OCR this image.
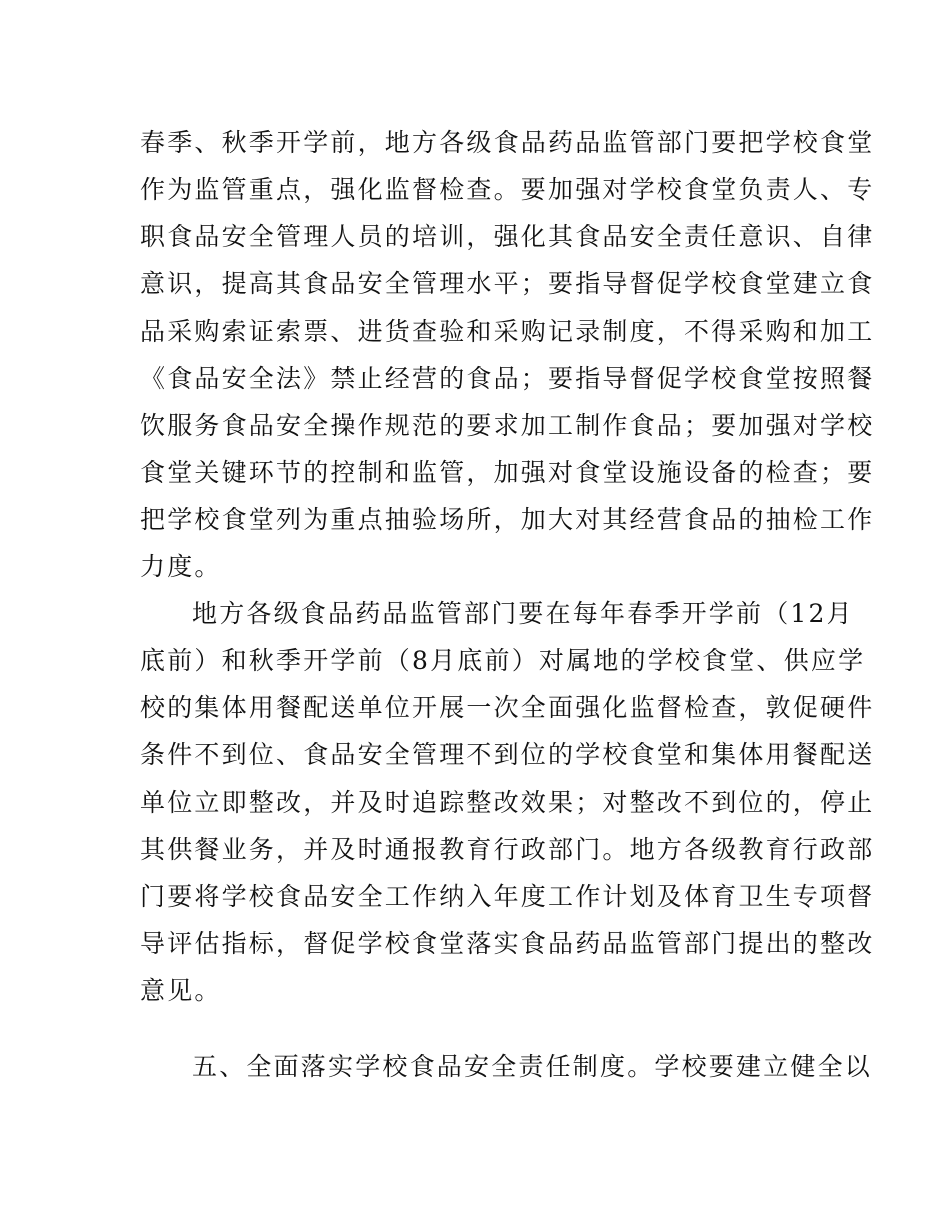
春季、秋季开学前，地方各级食品药品监管部门要把学校食堂
作为监管重点，强化监督检查。要加强对学校食堂负责人、专
职食品安全管理人员的培训，强化其食品安全责任意识、自律
意识，提高其食品安全管理水平；要指导督促学校食堂建立食
品采购索证索票、进货查验和采购记录制度，不得采购和加工
《食品安全法》禁止经营的食品；要指导督促学校食堂按照餐
饮服务食品安全操作规范的要求加工制作食品；要加强对学校
食堂关键环节的控制和监管，加强对食堂设施设备的检查；要
把学校食堂列为重点抽验场所，加大对其经营食品的抽检工作
力度。
地方各级食品药品监管部门要在每年春季开学前（12月
底前）和秋季开学前（8月底前）对属地的学校食堂、供应学
校的集体用餐配送单位开展一次全面强化监督检查，敦促硬件
条件不到位、食品安全管理不到位的学校食堂和集体用餐配送
单位立即整改，并及时追踪整改效果；对整改不到位的，停止
其供餐业务，并及时通报教育行政部门。地方各级教育行政部
门要将学校食品安全工作纳入年度工作计划及体育卫生专项督
导评估指标，督促学校食堂落实食品药品监管部门提出的整改
意见。
五、全面落实学校食品安全责任制度。学校要建立健全以
